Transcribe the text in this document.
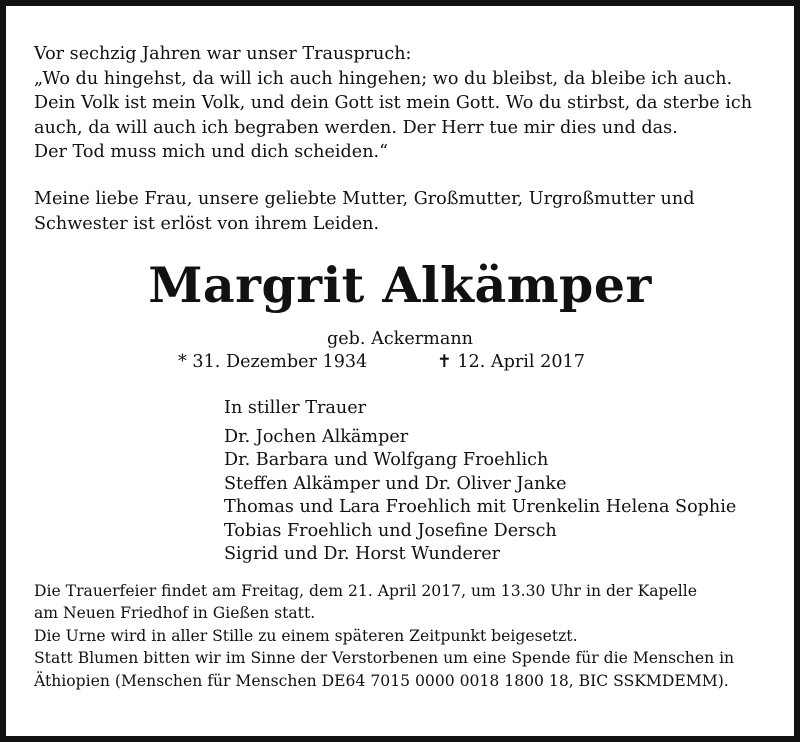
Vor sechzig Jahren war unser Trauspruch:
„Wo du hingehst, da will ich auch hingehen; wo du bleibst, da bleibe ich auch.
Dein Volk ist mein Volk, und dein Gott ist mein Gott. Wo du stirbst, da sterbe ich
auch, da will auch ich begraben werden. Der Herr tue mir dies und das.
Der Tod muss mich und dich scheiden.“
Meine liebe Frau, unsere geliebte Mutter, Großmutter, Urgroßmutter und
Schwester ist erlöst von ihrem Leiden.
Margrit Alkämper
geb. Ackermann
* 31. Dezember 1934	✝ 12. April 2017
In stiller Trauer
Dr. Jochen Alkämper
Dr. Barbara und Wolfgang Froehlich
Steffen Alkämper und Dr. Oliver Janke
Thomas und Lara Froehlich mit Urenkelin Helena Sophie
Tobias Froehlich und Josefine Dersch
Sigrid und Dr. Horst Wunderer
Die Trauerfeier findet am Freitag, dem 21. April 2017, um 13.30 Uhr in der Kapelle
am Neuen Friedhof in Gießen statt.
Die Urne wird in aller Stille zu einem späteren Zeitpunkt beigesetzt.
Statt Blumen bitten wir im Sinne der Verstorbenen um eine Spende für die Menschen in
Äthiopien (Menschen für Menschen DE64 7015 0000 0018 1800 18, BIC SSKMDEMM).
